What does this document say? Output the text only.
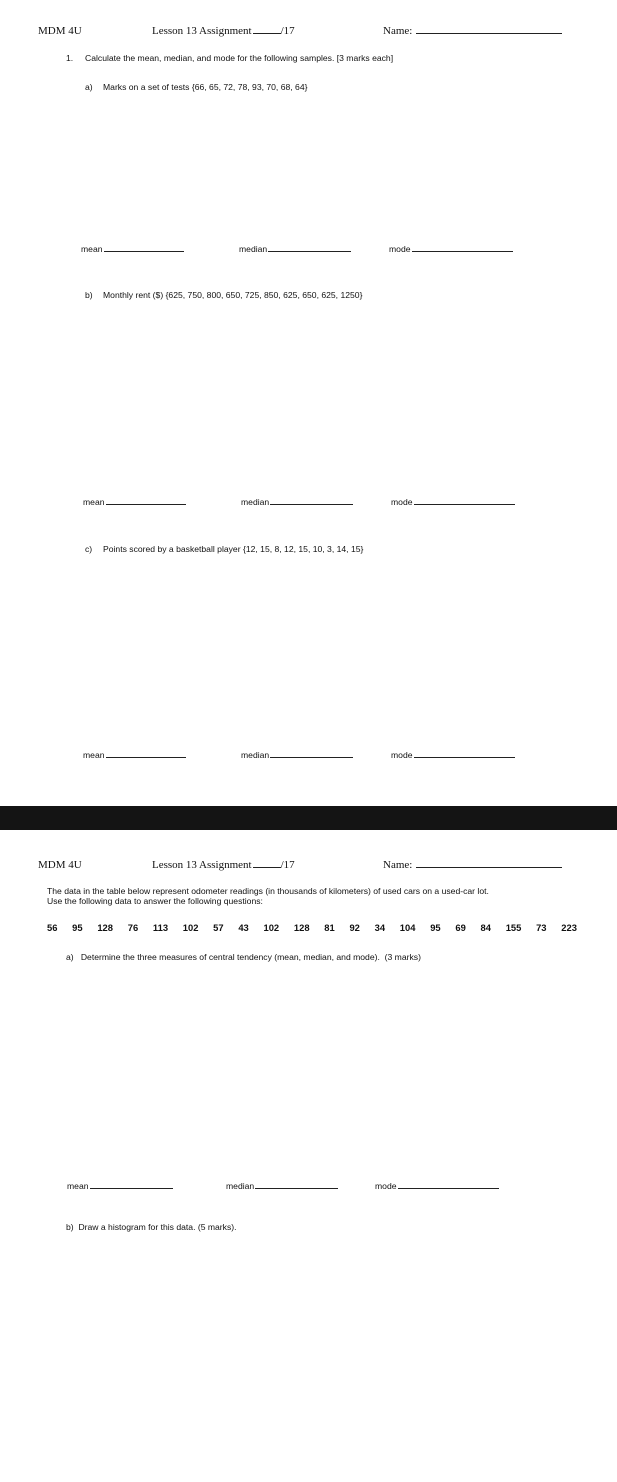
MDM 4U	Lesson 13 Assignment	/17	Name:
1. Calculate the mean, median, and mode for the following samples. [3 marks each]
a) Marks on a set of tests {66, 65, 72, 78, 93, 70, 68, 64}
mean	median	mode
b) Monthly rent ($) {625, 750, 800, 650, 725, 850, 625, 650, 625, 1250}
mean	median	mode
c) Points scored by a basketball player {12, 15, 8, 12, 15, 10, 3, 14, 15}
mean	median	mode
MDM 4U	Lesson 13 Assignment	/17	Name:
The data in the table below represent odometer readings (in thousands of kilometers) of used cars on a used-car lot.
Use the following data to answer the following questions:
56 95 128 76 113 102 57 43 102 128 81 92 34 104 95 69 84 155 73 223
a) Determine the three measures of central tendency (mean, median, and mode). (3 marks)
mean	median	mode
b) Draw a histogram for this data. (5 marks).
